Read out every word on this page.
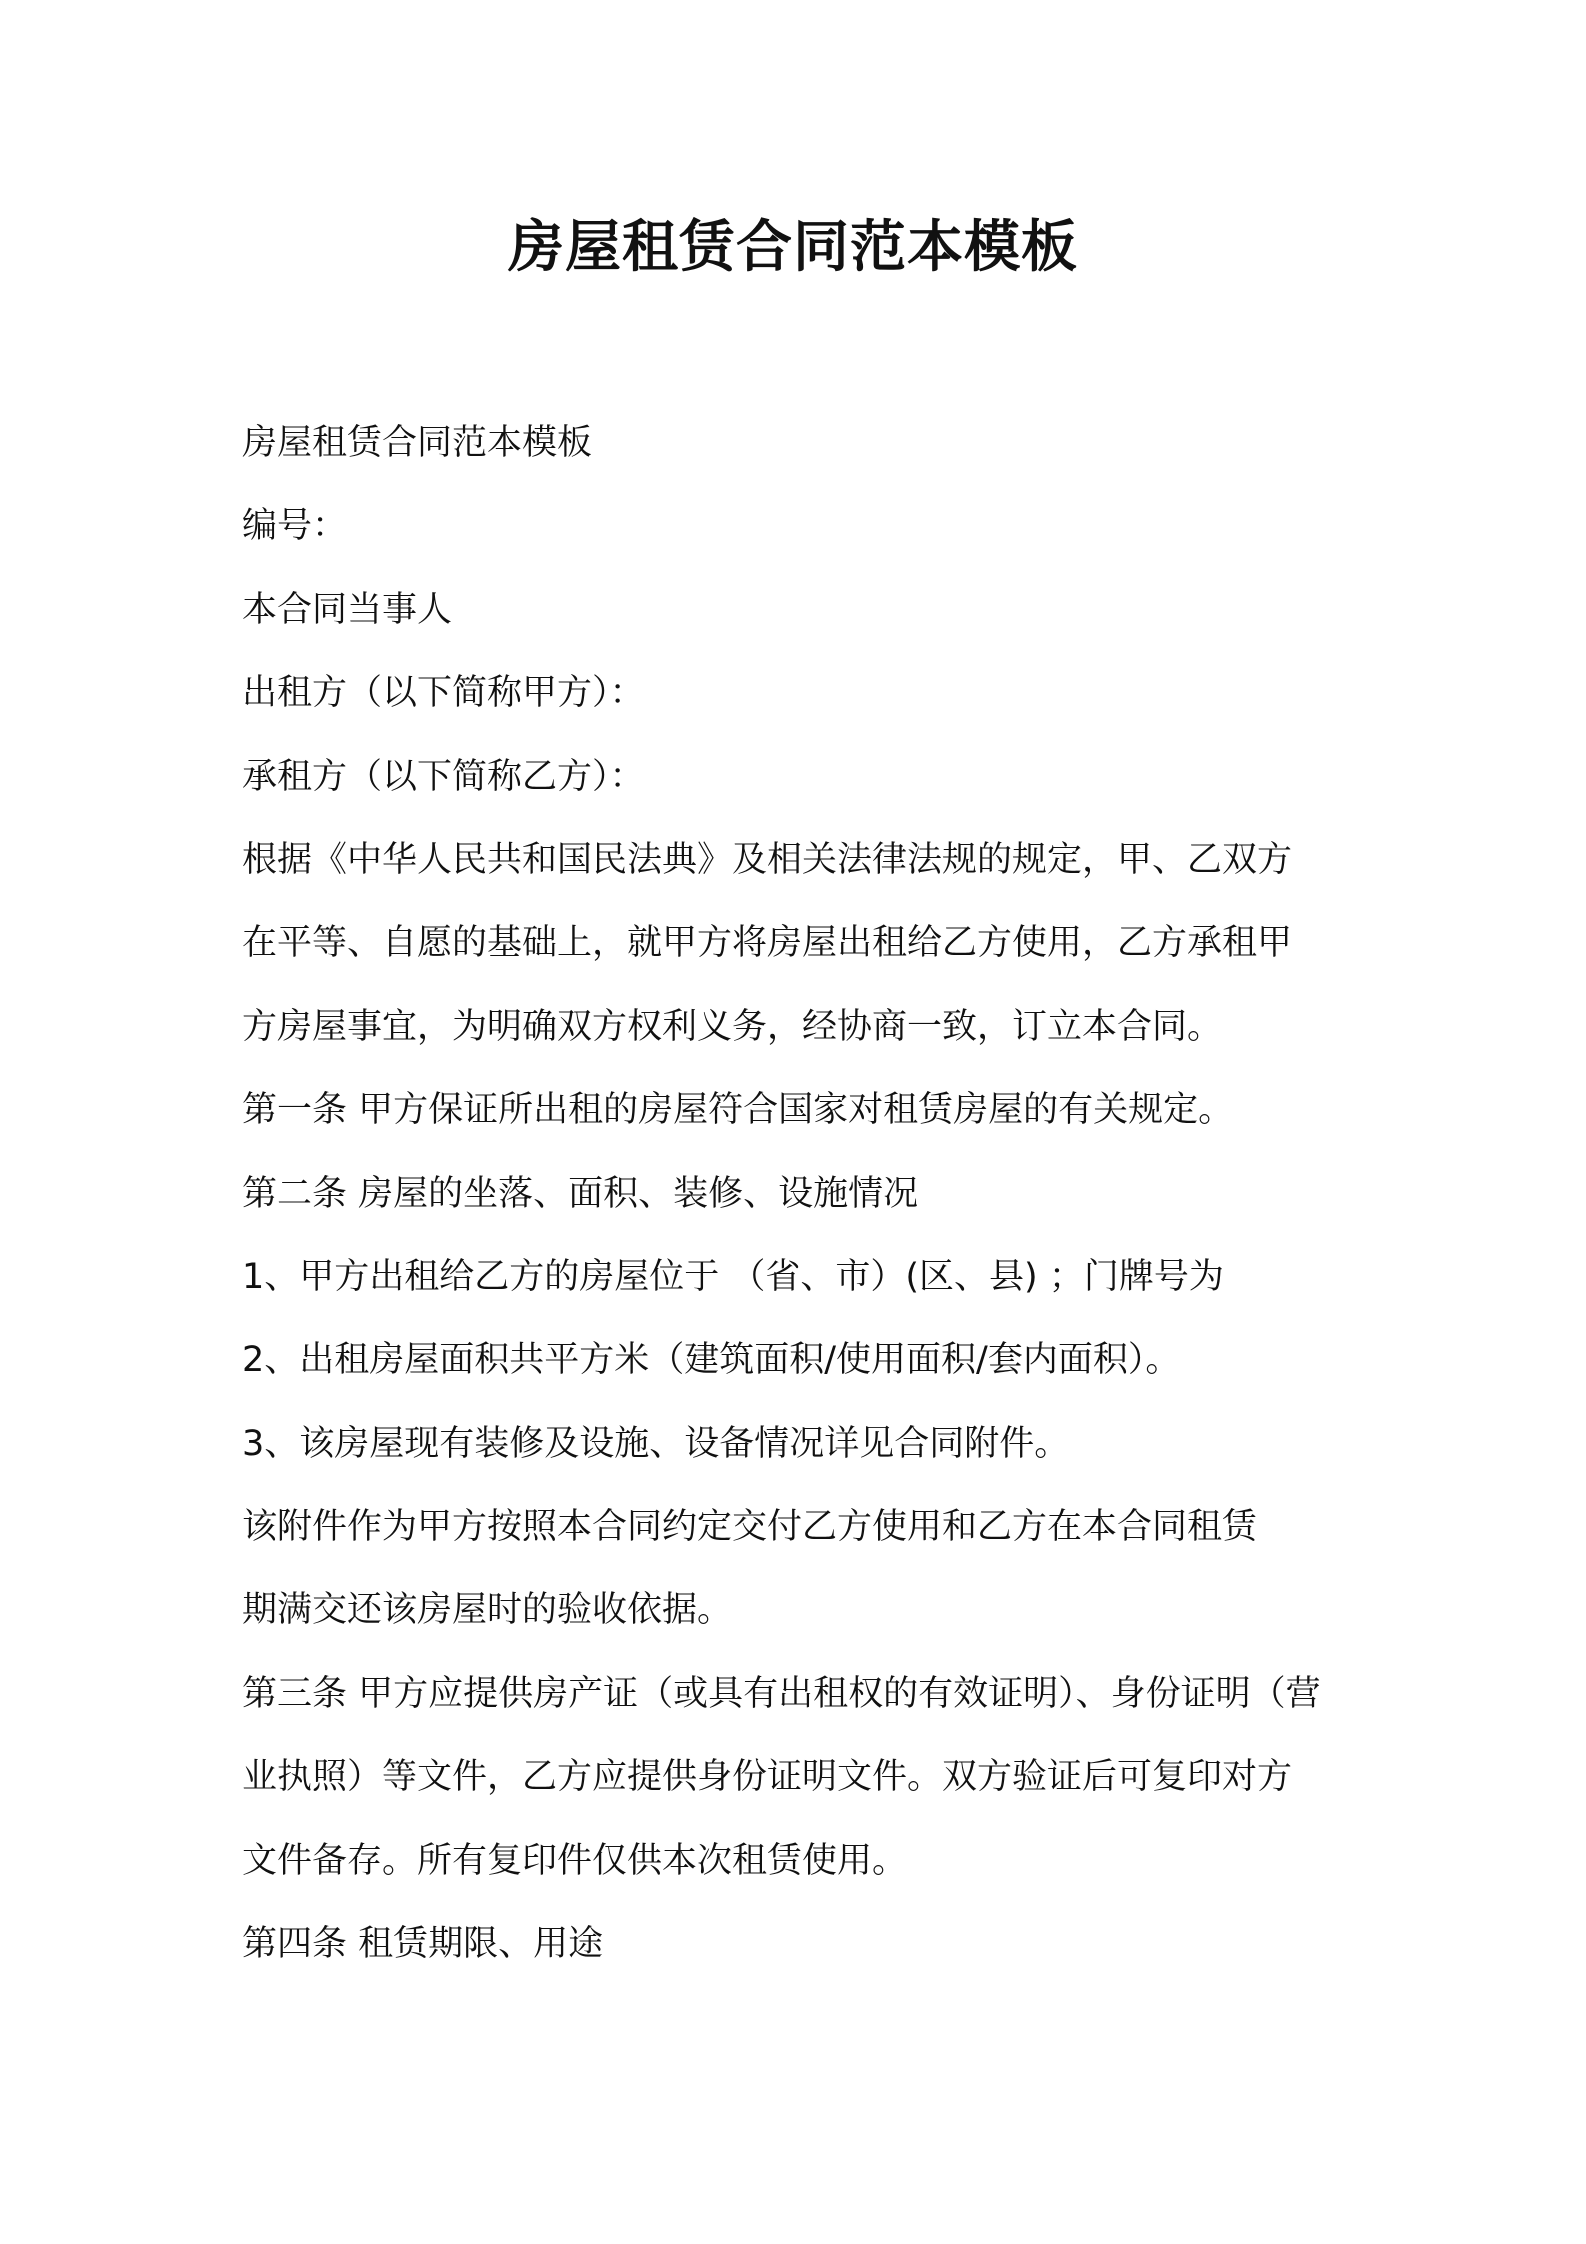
房屋租赁合同范本模板

房屋租赁合同范本模板

编号：

本合同当事人

出租方（以下简称甲方）：

承租方（以下简称乙方）：

根据《中华人民共和国民法典》及相关法律法规的规定，甲、乙双方

在平等、自愿的基础上，就甲方将房屋出租给乙方使用，乙方承租甲

方房屋事宜，为明确双方权利义务，经协商一致，订立本合同。

第一条 甲方保证所出租的房屋符合国家对租赁房屋的有关规定。

第二条 房屋的坐落、面积、装修、设施情况

1、甲方出租给乙方的房屋位于 （省、市）(区、县) ；门牌号为

2、出租房屋面积共平方米（建筑面积/使用面积/套内面积）。

3、该房屋现有装修及设施、设备情况详见合同附件。

该附件作为甲方按照本合同约定交付乙方使用和乙方在本合同租赁

期满交还该房屋时的验收依据。

第三条 甲方应提供房产证（或具有出租权的有效证明）、身份证明（营

业执照）等文件，乙方应提供身份证明文件。双方验证后可复印对方

文件备存。所有复印件仅供本次租赁使用。

第四条 租赁期限、用途
